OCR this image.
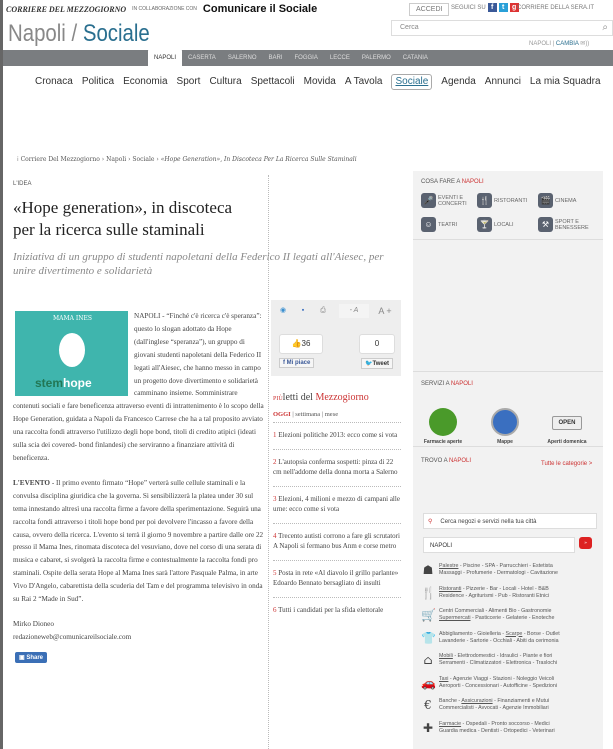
CORRIERE DEL MEZZOGIORNO IN COLLABORAZIONE CON Comunicare il Sociale	ACCEDI	SEGUICI SU f	t	g CORRIERE DELLA SERA.IT
Napoli / Sociale	Cerca	⌕
NAPOLI | CAMBIA ✉))
NAPOLI	CASERTA	SALERNO	BARI	FOGGIA	LECCE	PALERMO	CATANIA
Cronaca Politica Economia Sport Cultura Spettacoli Movida A Tavola	Sociale	Agenda Annunci La mia Squadra
⁞ Corriere Del Mezzogiorno › Napoli › Sociale › «Hope Generation», In Discoteca Per La Ricerca Sulle Staminali
L'IDEA
«Hope generation», in discoteca
per la ricerca sulle staminali
Iniziativa di un gruppo di studenti napoletani della Federico II legati all'Aiesec, per unire divertimento e solidarietà
MAMA INES
stemhope

NAPOLI - “Finché c'è ricerca c'è speranza”: questo lo slogan adottato da Hope (dall'inglese “speranza”), un gruppo di giovani studenti napoletani della Federico II legati all'Aiesec, che hanno messo in campo un progetto dove divertimento e solidarietà camminano insieme. Somministrare contenuti sociali e fare beneficenza attraverso eventi di intrattenimento è lo scopo della Hope Generation, guidata a Napoli da Francesco Carrese che ha a tal proposito avviato una raccolta fondi attraverso l'utilizzo degli hope bond, titoli di credito atipici (ideati sulla scia dei covered- bond finlandesi) che serviranno a finanziare attività di beneficenza.

L'EVENTO - Il primo evento firmato “Hope” verterà sulle cellule staminali e la convulsa disciplina giuridica che la governa. Si sensibilizzerà la platea under 30 sul tema innestando altresì una raccolta firme a favore della sperimentazione. Seguirà una raccolta fondi attraverso i titoli hope bond per poi devolvere l'incasso a favore della causa, ovvero della ricerca. L'evento si terrà il giorno 9 novembre a partire dalle ore 22 presso il Mama Ines, rinomata discoteca del vesuviano, dove nel corso di una serata di musica e cabaret, si svolgerà la raccolta firme e contestualmente la raccolta fondi pro staminali. Ospite della serata Hope al Mama Ines sarà l'attore Pasquale Palma, in arte Vivo D'Angelo, cabarettista della scuderia del Tam e del programma televisivo in onda su Rai 2 “Made in Sud”.

Mirko Dioneo
redazioneweb@comunicareilsociale.com
▣ Share
◉	▪	⎙	- A	A +
👍36
f Mi piace
0
🐦Tweet
PIÙletti del Mezzogiorno
OGGI | settimana | mese
1 Elezioni politiche 2013: ecco come si vota
2 L'autopsia conferma sospetti: pinza di 22 cm nell'addome della donna morta a Salerno
3 Elezioni, 4 milioni e mezzo di campani alle urne: ecco come si vota
4 Trecento autisti corrono a fare gli scrutatori A Napoli si fermano bus Anm e corse metro
5 Posta in rete «Al diavolo il grillo parlante» Edoardo Bennato bersagliato di insulti
6 Tutti i candidati per la sfida elettorale
COSA FARE A NAPOLI
🎤 EVENTI E
CONCERTI	🍴 RISTORANTI	🎬 CINEMA
☺ TEATRI	🍸 LOCALI	⚒	SPORT E
BENESSERE
SERVIZI A NAPOLI
Farmacie aperte	Mappe
OPEN
Aperti domenica
TROVO A NAPOLI	Tutte le categorie >
⚲ Cerca negozi e servizi nella tua città
NAPOLI	»
☗	Palestre - Piscine - SPA - Parrucchieri - Estetista
Massaggi - Profumerie - Dermatologi - Cavitazione
🍴 Ristoranti - Pizzerie - Bar - Locali - Hotel - B&B
Residence - Agriturismi - Pub - Ristoranti Etnici
🛒 Centri Commerciali - Alimenti Bio - Gastronomie
Supermercati - Pasticcerie - Gelaterie - Enoteche
👕 Abbigliamento - Gioielleria - Scarpe - Borse - Outlet
Lavanderie - Sartorie - Occhiali - Abiti da cerimonia
⌂	Mobili - Elettrodomestici - Idraulici - Piante e fiori
Serramenti - Climatizzatori - Elettronica - Traslochi
🚗 Taxi - Agenzie Viaggi - Stazioni - Noleggio Veicoli
Aeroporti - Concessionari - Autofficine - Spedizioni
€	Banche - Assicurazioni - Finanziamenti e Mutui
Commercialisti - Avvocati - Agenzie Immobiliari
✚	Farmacie - Ospedali - Pronto soccorso - Medici
Guardia medica - Dentisti - Ortopedici - Veterinari
